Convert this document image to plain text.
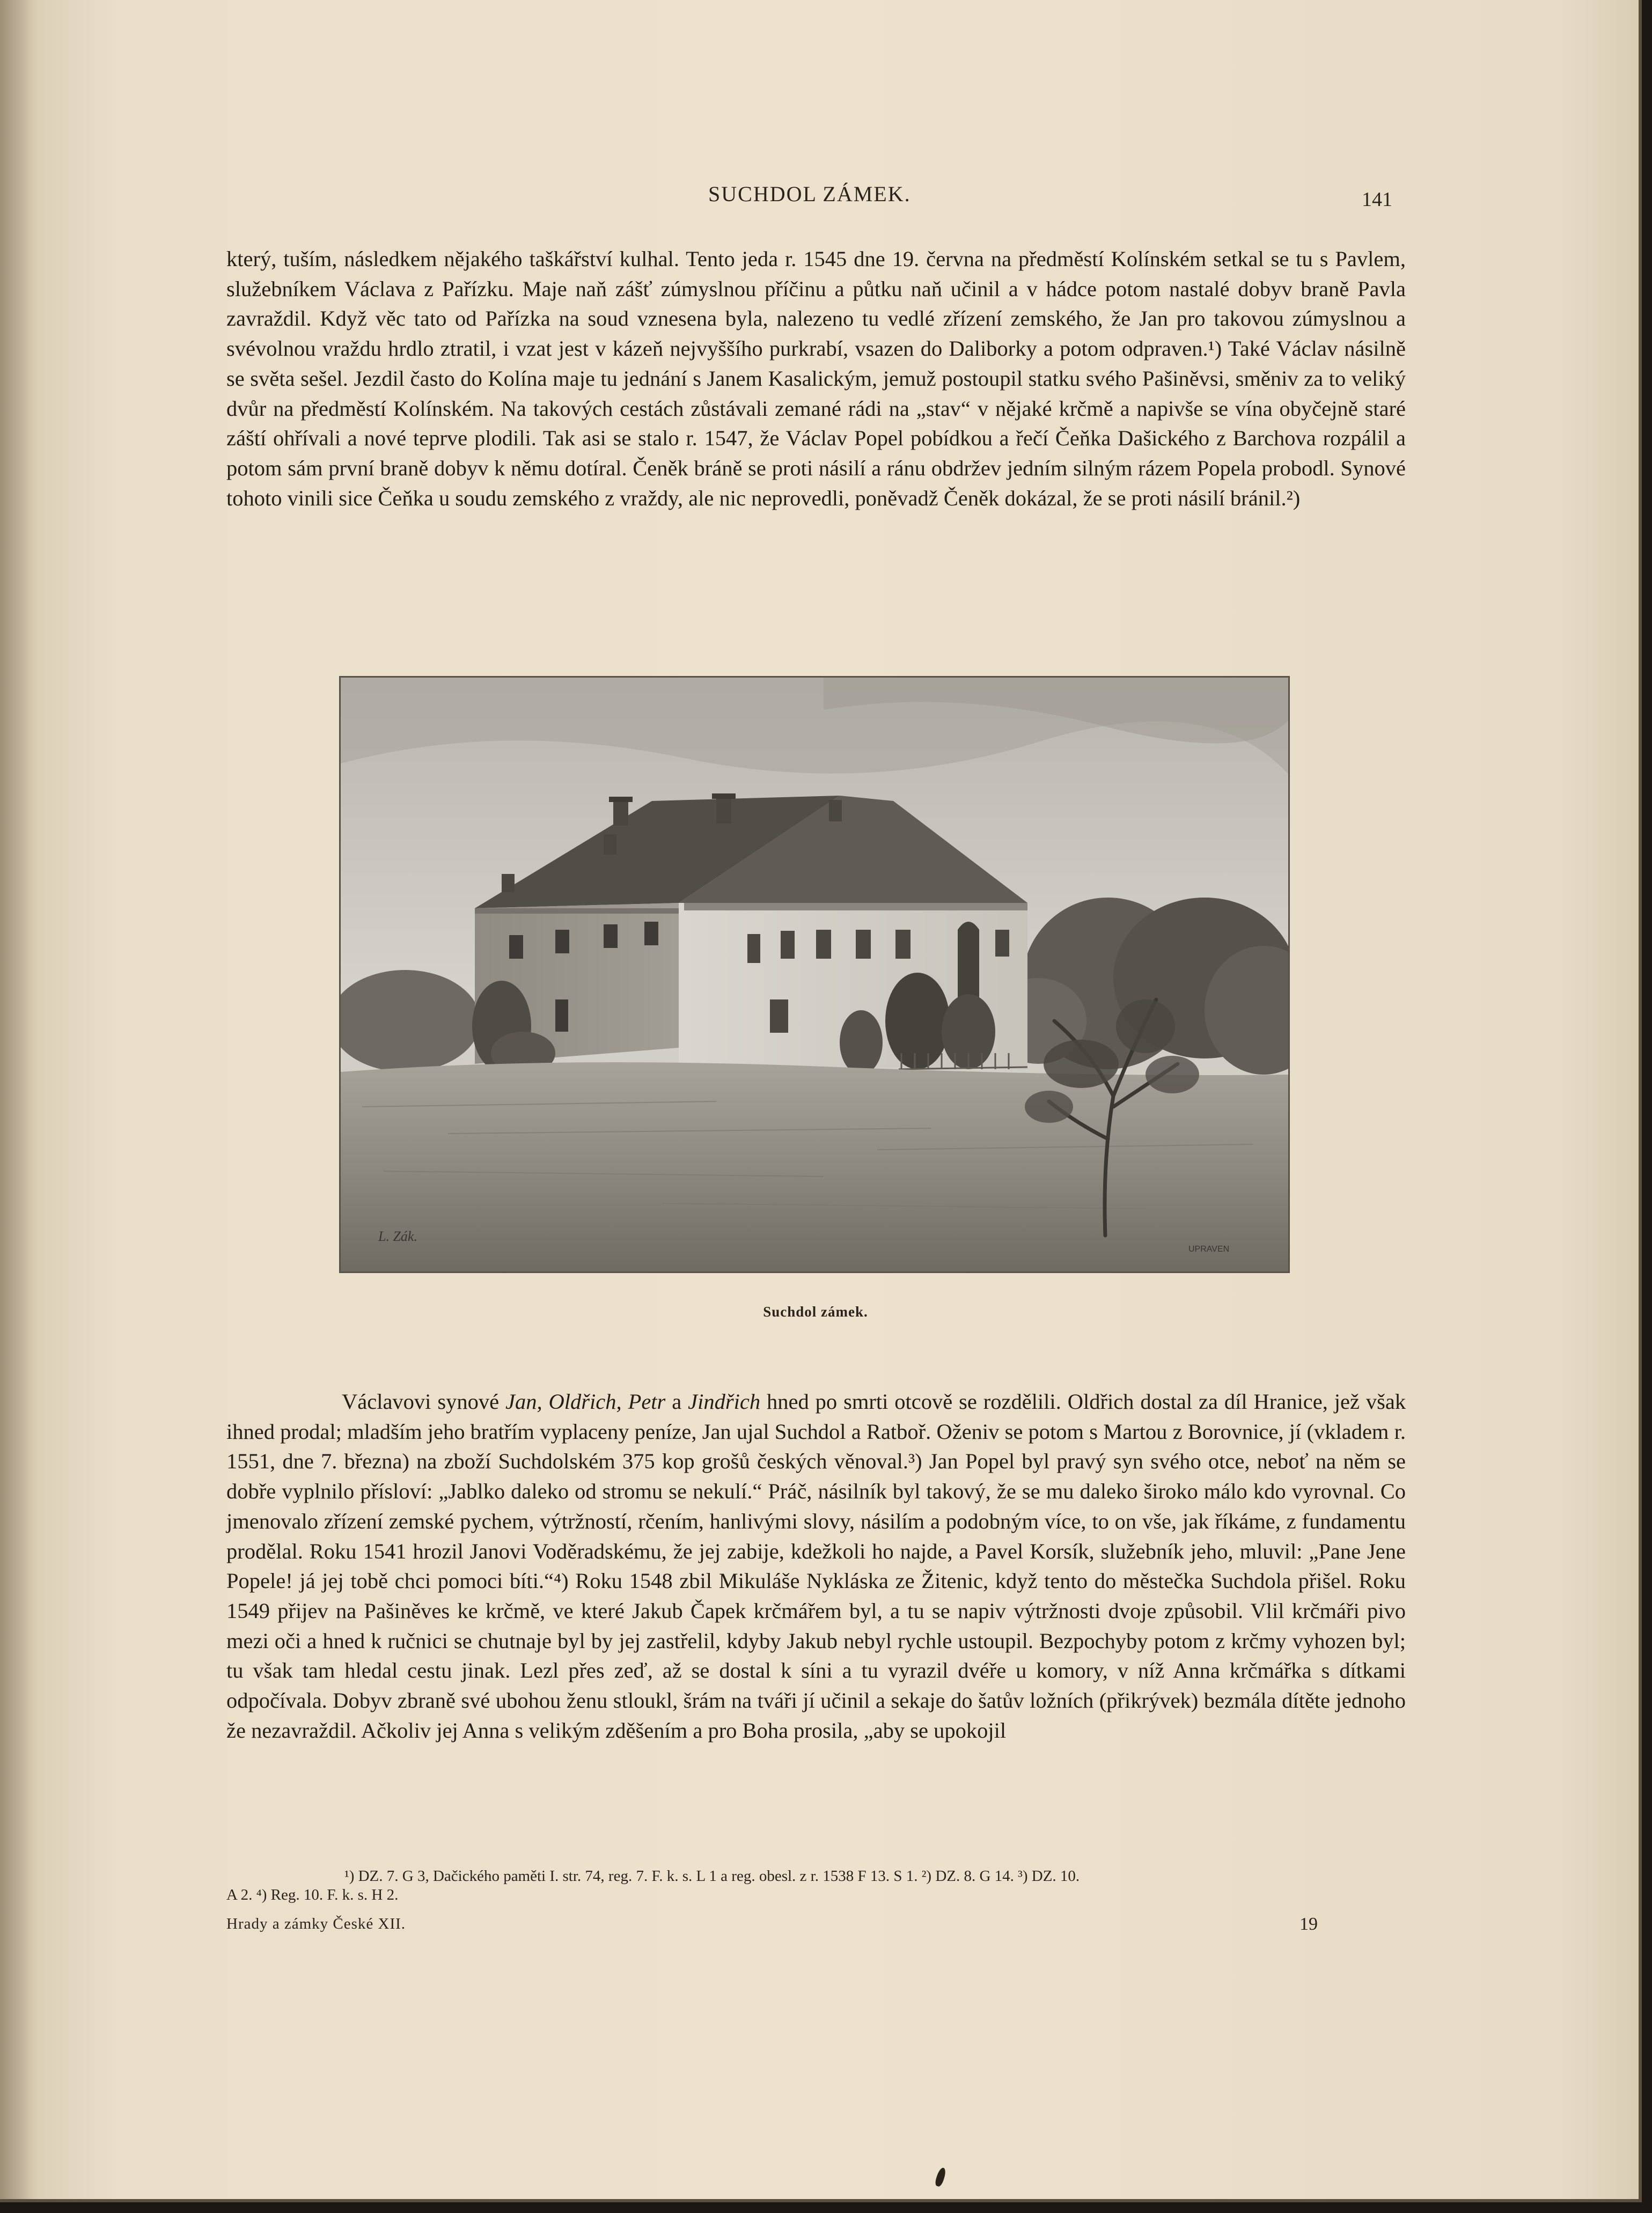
SUCHDOL ZÁMEK.	141

který, tuším, následkem nějakého taškářství kulhal. Tento jeda r. 1545 dne 19. června na předměstí Kolínském setkal se tu s Pavlem, služebníkem Václava z Pařízku. Maje naň zášť zúmyslnou příčinu a půtku naň učinil a v hádce potom nastalé dobyv braně Pavla zavraždil. Když věc tato od Pařízka na soud vznesena byla, nalezeno tu vedlé zřízení zemského, že Jan pro takovou zúmyslnou a svévolnou vraždu hrdlo ztratil, i vzat jest v kázeň nejvyššího purkrabí, vsazen do Daliborky a potom odpraven.¹) Také Václav násilně se světa sešel. Jezdil často do Kolína maje tu jednání s Janem Kasalickým, jemuž postoupil statku svého Pašiněvsi, směniv za to veliký dvůr na předměstí Kolínském. Na takových cestách zůstávali zemané rádi na „stav“ v nějaké krčmě a napivše se vína obyčejně staré záští ohřívali a nové teprve plodili. Tak asi se stalo r. 1547, že Václav Popel pobídkou a řečí Čeňka Dašického z Barchova rozpálil a potom sám první braně dobyv k němu dotíral. Čeněk bráně se proti násilí a ránu obdržev jedním silným rázem Popela probodl. Synové tohoto vinili sice Čeňka u soudu zemského z vraždy, ale nic neprovedli, poněvadž Čeněk dokázal, že se proti násilí bránil.²)

L. Zák.
UPRAVEN
Suchdol zámek.

Václavovi synové Jan, Oldřich, Petr a Jindřich hned po smrti otcově se rozdělili. Oldřich dostal za díl Hranice, jež však ihned prodal; mladším jeho bratřím vyplaceny peníze, Jan ujal Suchdol a Ratboř. Oženiv se potom s Martou z Borovnice, jí (vkladem r. 1551, dne 7. března) na zboží Suchdolském 375 kop grošů českých věnoval.³) Jan Popel byl pravý syn svého otce, neboť na něm se dobře vyplnilo přísloví: „Jablko daleko od stromu se nekulí.“ Práč, násilník byl takový, že se mu daleko široko málo kdo vyrovnal. Co jmenovalo zřízení zemské pychem, výtržností, rčením, hanlivými slovy, násilím a podobným více, to on vše, jak říkáme, z fundamentu prodělal. Roku 1541 hrozil Janovi Voděradskému, že jej zabije, kdežkoli ho najde, a Pavel Korsík, služebník jeho, mluvil: „Pane Jene Popele! já jej tobě chci pomoci bíti.“⁴) Roku 1548 zbil Mikuláše Nykláska ze Žitenic, když tento do městečka Suchdola přišel. Roku 1549 přijev na Pašiněves ke krčmě, ve které Jakub Čapek krčmářem byl, a tu se napiv výtržnosti dvoje způsobil. Vlil krčmáři pivo mezi oči a hned k ručnici se chutnaje byl by jej zastřelil, kdyby Jakub nebyl rychle ustoupil. Bezpochyby potom z krčmy vyhozen byl; tu však tam hledal cestu jinak. Lezl přes zeď, až se dostal k síni a tu vyrazil dvéře u komory, v níž Anna krčmářka s dítkami odpočívala. Dobyv zbraně své ubohou ženu stloukl, šrám na tváři jí učinil a sekaje do šatův ložních (přikrývek) bezmála dítěte jednoho že nezavraždil. Ačkoliv jej Anna s velikým zděšením a pro Boha prosila, „aby se upokojil

¹) DZ. 7. G 3, Dačického paměti I. str. 74, reg. 7. F. k. s. L 1 a reg. obesl. z r. 1538 F 13. S 1. ²) DZ. 8. G 14. ³) DZ. 10.

A 2. ⁴) Reg. 10. F. k. s. H 2.
Hrady a zámky České XII.	19
